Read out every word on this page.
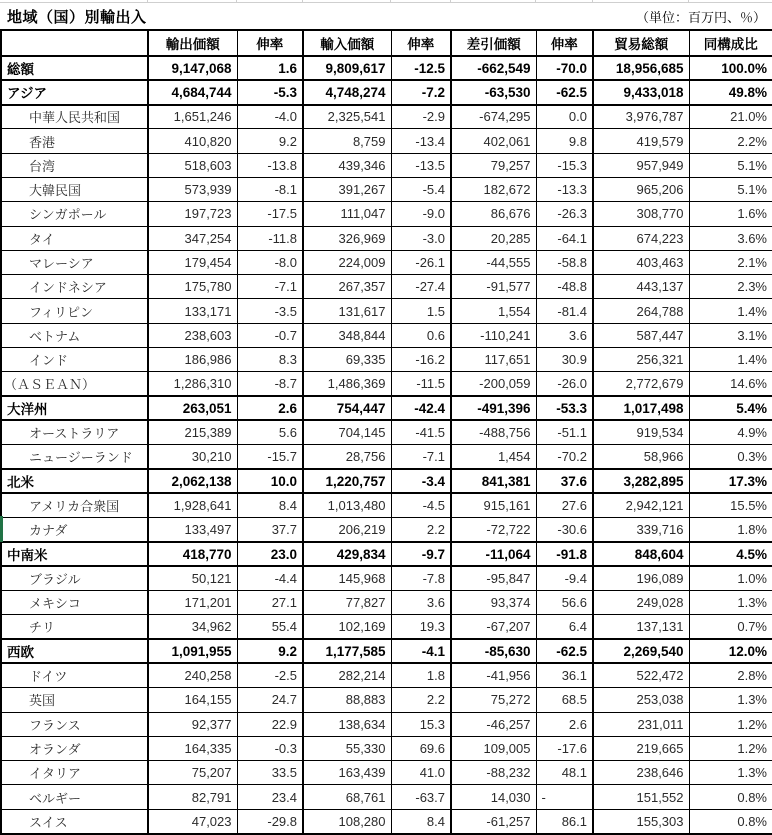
地域（国）別輸出入	（単位：百万円、％）
	輸出価額	伸率	輸入価額	伸率	差引価額	伸率	貿易総額	同構成比
総額	9,147,068	1.6	9,809,617	-12.5	-662,549	-70.0	18,956,685	100.0%
アジア	4,684,744	-5.3	4,748,274	-7.2	-63,530	-62.5	9,433,018	49.8%
中華人民共和国	1,651,246	-4.0	2,325,541	-2.9	-674,295	0.0	3,976,787	21.0%
香港	410,820	9.2	8,759	-13.4	402,061	9.8	419,579	2.2%
台湾	518,603	-13.8	439,346	-13.5	79,257	-15.3	957,949	5.1%
大韓民国	573,939	-8.1	391,267	-5.4	182,672	-13.3	965,206	5.1%
シンガポール	197,723	-17.5	111,047	-9.0	86,676	-26.3	308,770	1.6%
タイ	347,254	-11.8	326,969	-3.0	20,285	-64.1	674,223	3.6%
マレーシア	179,454	-8.0	224,009	-26.1	-44,555	-58.8	403,463	2.1%
インドネシア	175,780	-7.1	267,357	-27.4	-91,577	-48.8	443,137	2.3%
フィリピン	133,171	-3.5	131,617	1.5	1,554	-81.4	264,788	1.4%
ベトナム	238,603	-0.7	348,844	0.6	-110,241	3.6	587,447	3.1%
インド	186,986	8.3	69,335	-16.2	117,651	30.9	256,321	1.4%
（ＡＳＥＡＮ）	1,286,310	-8.7	1,486,369	-11.5	-200,059	-26.0	2,772,679	14.6%
大洋州	263,051	2.6	754,447	-42.4	-491,396	-53.3	1,017,498	5.4%
オーストラリア	215,389	5.6	704,145	-41.5	-488,756	-51.1	919,534	4.9%
ニュージーランド	30,210	-15.7	28,756	-7.1	1,454	-70.2	58,966	0.3%
北米	2,062,138	10.0	1,220,757	-3.4	841,381	37.6	3,282,895	17.3%
アメリカ合衆国	1,928,641	8.4	1,013,480	-4.5	915,161	27.6	2,942,121	15.5%
カナダ	133,497	37.7	206,219	2.2	-72,722	-30.6	339,716	1.8%
中南米	418,770	23.0	429,834	-9.7	-11,064	-91.8	848,604	4.5%
ブラジル	50,121	-4.4	145,968	-7.8	-95,847	-9.4	196,089	1.0%
メキシコ	171,201	27.1	77,827	3.6	93,374	56.6	249,028	1.3%
チリ	34,962	55.4	102,169	19.3	-67,207	6.4	137,131	0.7%
西欧	1,091,955	9.2	1,177,585	-4.1	-85,630	-62.5	2,269,540	12.0%
ドイツ	240,258	-2.5	282,214	1.8	-41,956	36.1	522,472	2.8%
英国	164,155	24.7	88,883	2.2	75,272	68.5	253,038	1.3%
フランス	92,377	22.9	138,634	15.3	-46,257	2.6	231,011	1.2%
オランダ	164,335	-0.3	55,330	69.6	109,005	-17.6	219,665	1.2%
イタリア	75,207	33.5	163,439	41.0	-88,232	48.1	238,646	1.3%
ベルギー	82,791	23.4	68,761	-63.7	14,030	-	151,552	0.8%
スイス	47,023	-29.8	108,280	8.4	-61,257	86.1	155,303	0.8%
